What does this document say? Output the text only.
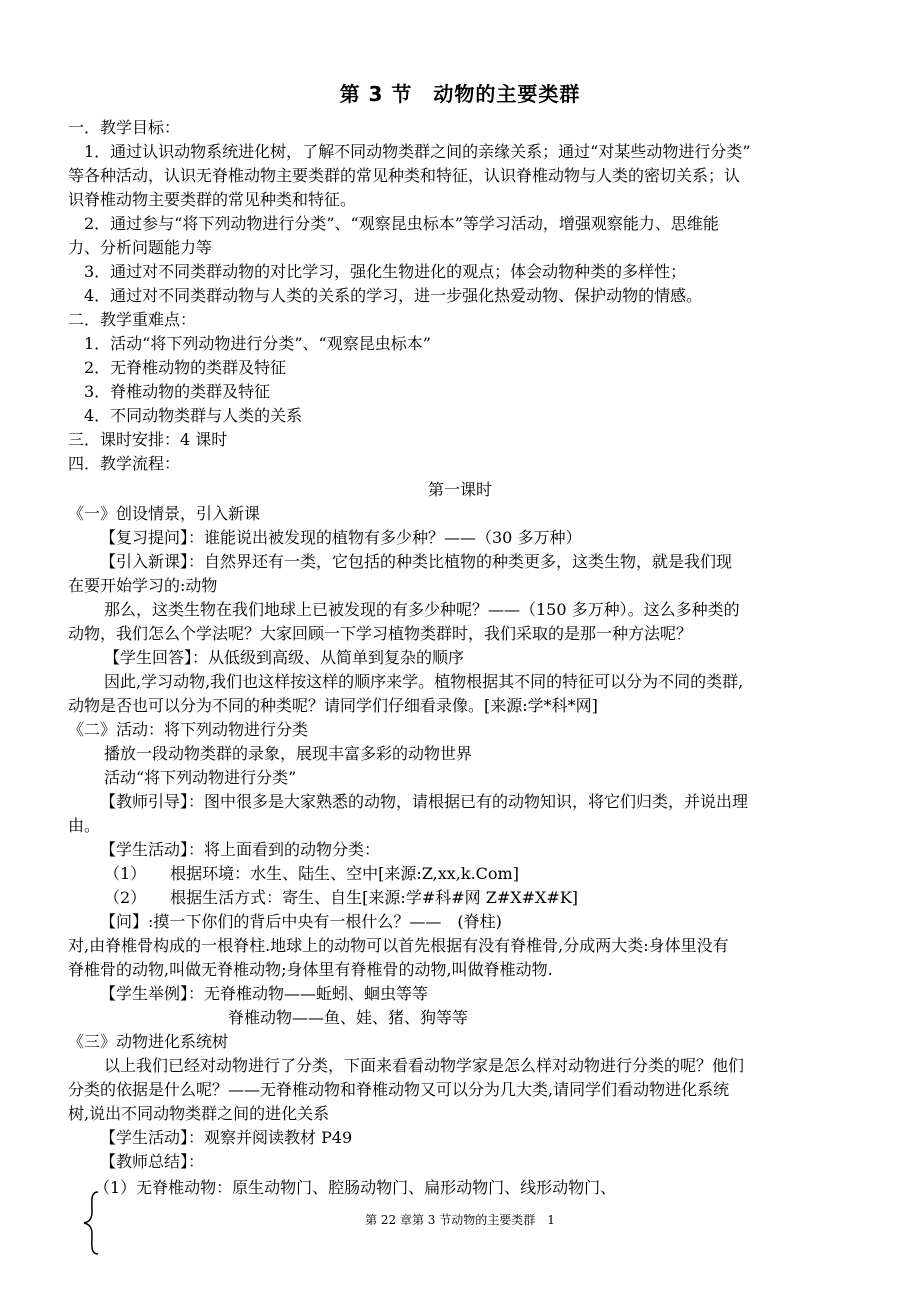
第 3 节　动物的主要类群
一．教学目标：
1．通过认识动物系统进化树，了解不同动物类群之间的亲缘关系；通过“对某些动物进行分类”
等各种活动，认识无脊椎动物主要类群的常见种类和特征，认识脊椎动物与人类的密切关系；认
识脊椎动物主要类群的常见种类和特征。
2．通过参与“将下列动物进行分类”、“观察昆虫标本”等学习活动，增强观察能力、思维能
力、分析问题能力等
3．通过对不同类群动物的对比学习，强化生物进化的观点；体会动物种类的多样性；
4．通过对不同类群动物与人类的关系的学习，进一步强化热爱动物、保护动物的情感。
二．教学重难点：
1．活动“将下列动物进行分类”、“观察昆虫标本”
2．无脊椎动物的类群及特征
3．脊椎动物的类群及特征
4．不同动物类群与人类的关系
三．课时安排：4 课时
四．教学流程：
第一课时
《一》创设情景，引入新课
【复习提问】：谁能说出被发现的植物有多少种？——（30 多万种）
【引入新课】：自然界还有一类，它包括的种类比植物的种类更多，这类生物，就是我们现
在要开始学习的:动物
那么，这类生物在我们地球上已被发现的有多少种呢？——（150 多万种）。这么多种类的
动物，我们怎么个学法呢？大家回顾一下学习植物类群时，我们采取的是那一种方法呢？
【学生回答】：从低级到高级、从简单到复杂的顺序
因此,学习动物,我们也这样按这样的顺序来学。植物根据其不同的特征可以分为不同的类群,
动物是否也可以分为不同的种类呢？请同学们仔细看录像。[来源:学*科*网]
《二》活动：将下列动物进行分类
播放一段动物类群的录象，展现丰富多彩的动物世界
活动“将下列动物进行分类”
【教师引导】：图中很多是大家熟悉的动物，请根据已有的动物知识，将它们归类，并说出理
由。
【学生活动】：将上面看到的动物分类：
（1）　　根据环境：水生、陆生、空中[来源:Z,xx,k.Com]
（2）　　根据生活方式：寄生、自生[来源:学#科#网 Z#X#X#K]
【问】:摸一下你们的背后中央有一根什么？——　(脊柱)
对,由脊椎骨构成的一根脊柱.地球上的动物可以首先根据有没有脊椎骨,分成两大类:身体里没有
脊椎骨的动物,叫做无脊椎动物;身体里有脊椎骨的动物,叫做脊椎动物.
【学生举例】：无脊椎动物——蚯蚓、蛔虫等等
脊椎动物——鱼、娃、猪、狗等等
《三》动物进化系统树
以上我们已经对动物进行了分类，下面来看看动物学家是怎么样对动物进行分类的呢？他们
分类的依据是什么呢？——无脊椎动物和脊椎动物又可以分为几大类,请同学们看动物进化系统
树,说出不同动物类群之间的进化关系
【学生活动】：观察并阅读教材 P49
【教师总结】：
（1）无脊椎动物：原生动物门、腔肠动物门、扁形动物门、线形动物门、
第 22 章第 3 节动物的主要类群　1
